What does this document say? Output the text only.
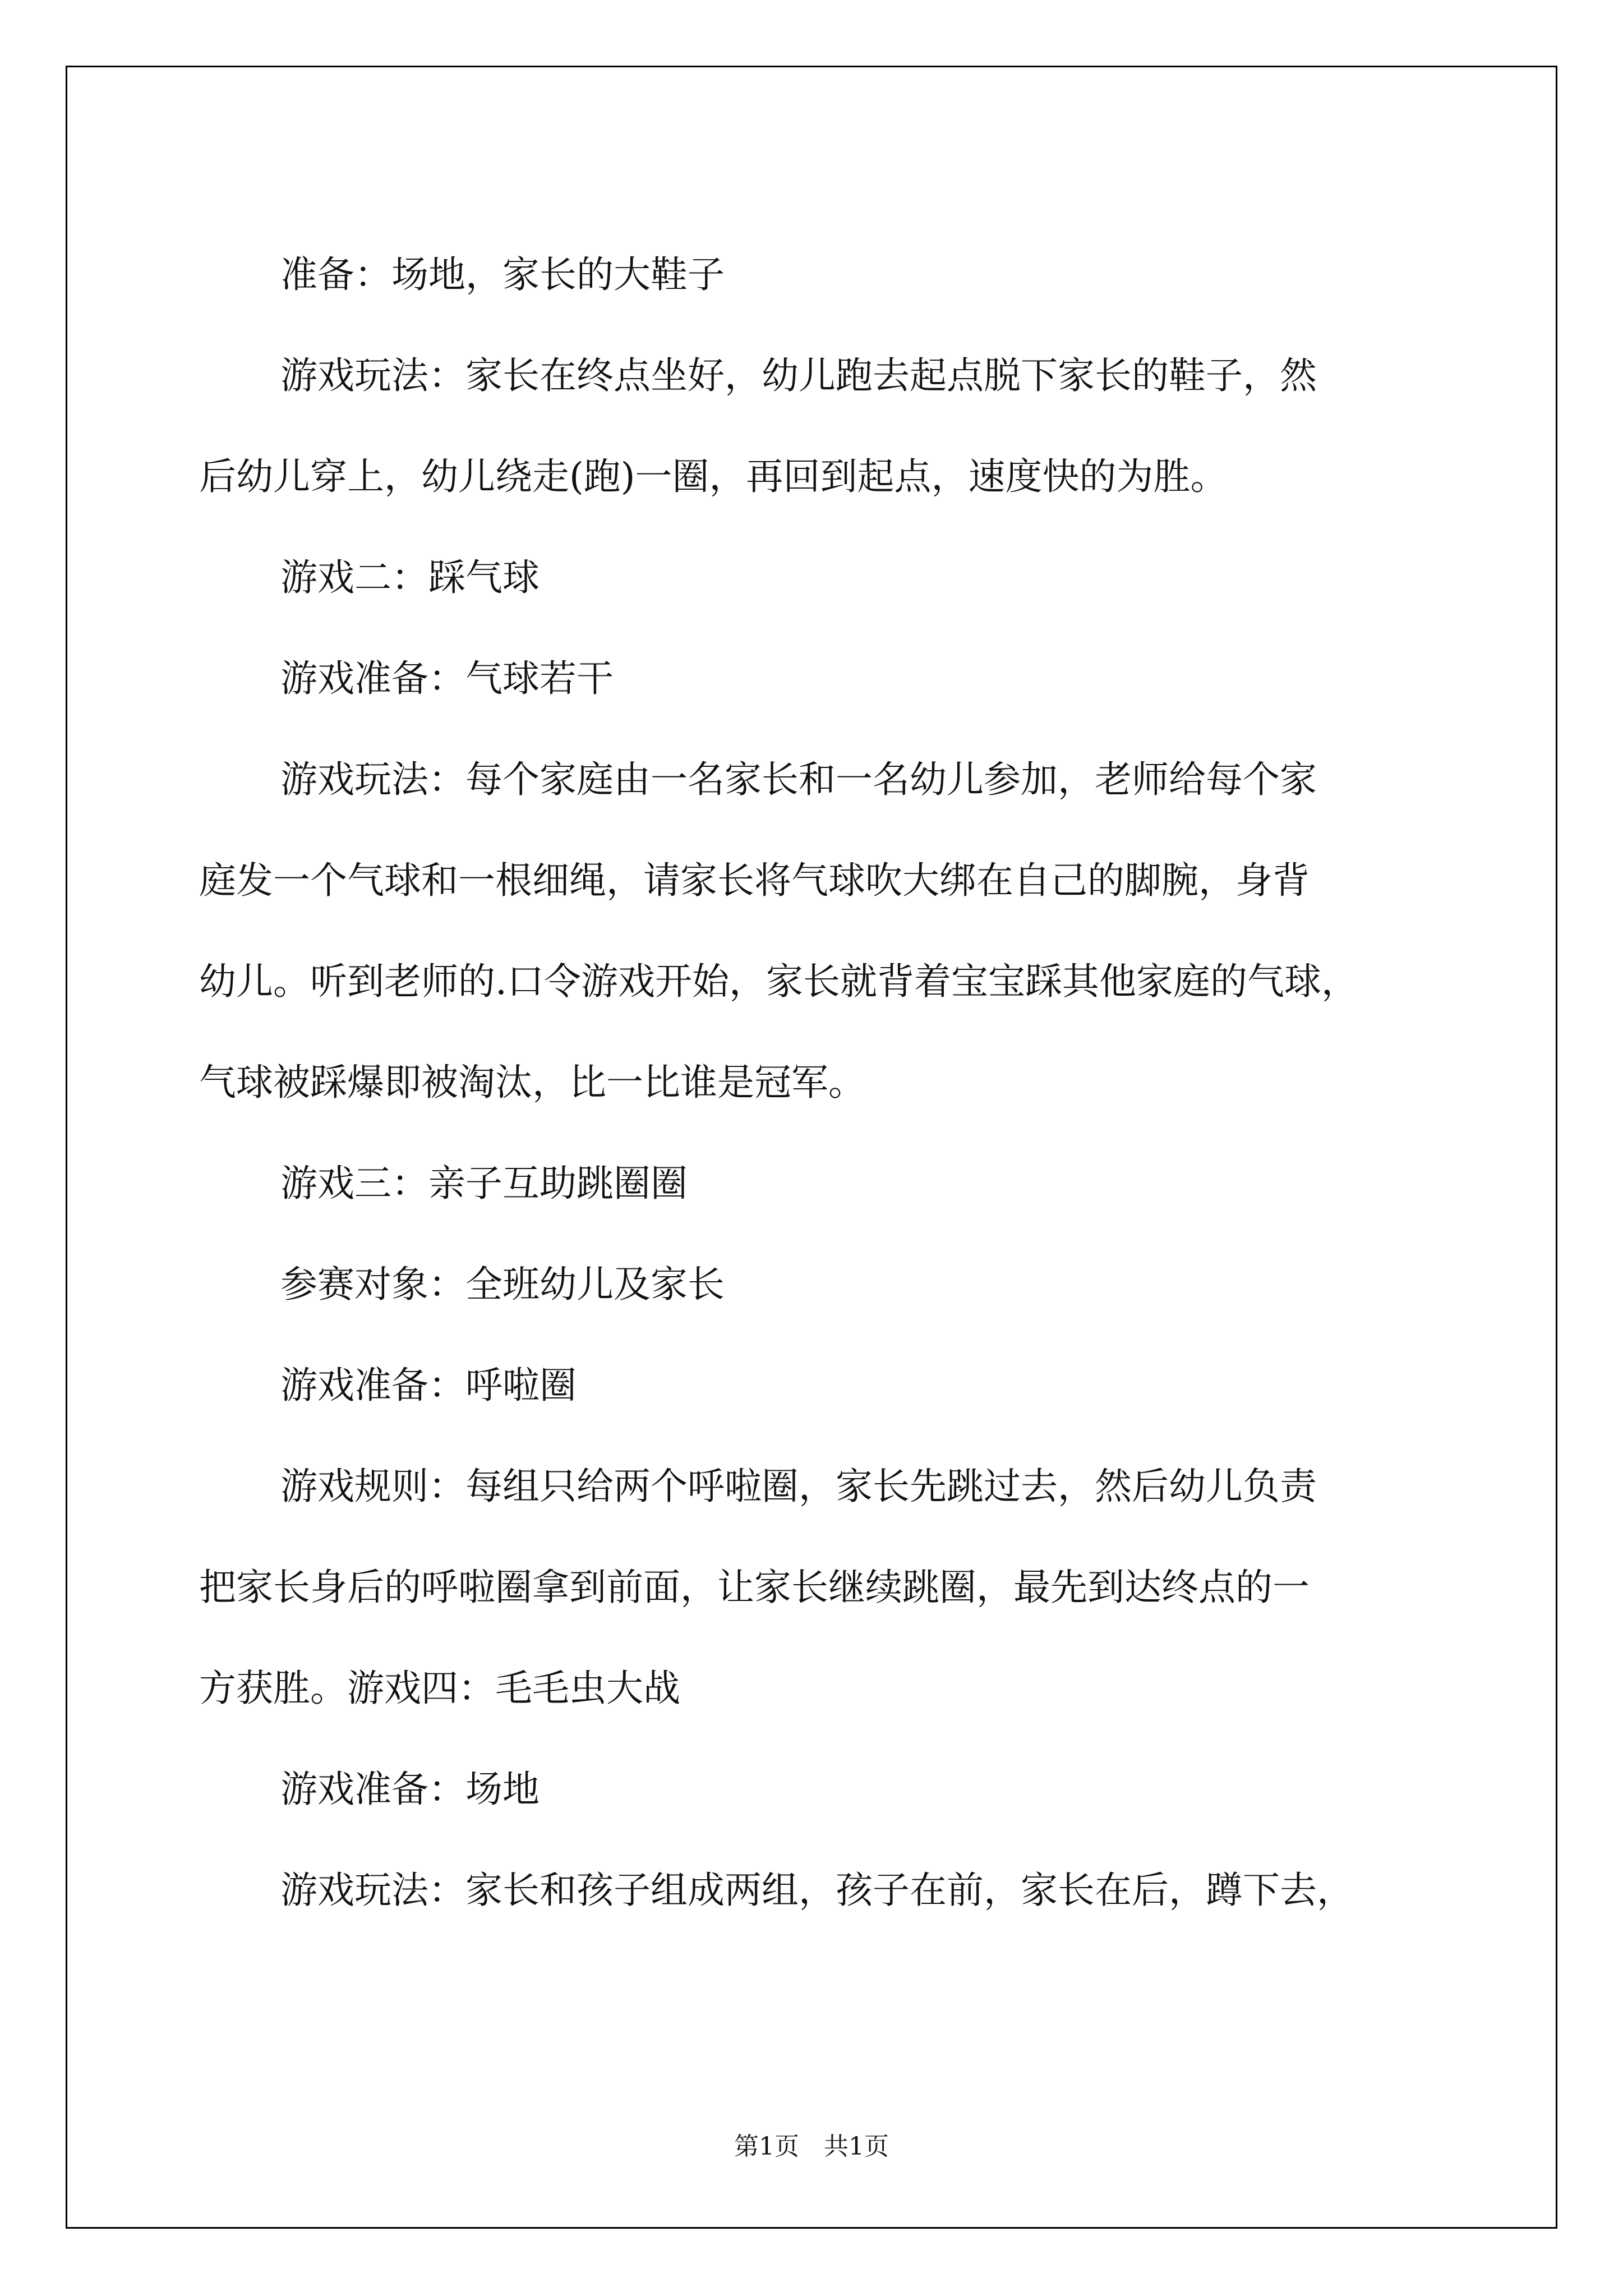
准备：场地，家长的大鞋子

游戏玩法：家长在终点坐好，幼儿跑去起点脱下家长的鞋子，然
后幼儿穿上，幼儿绕走(跑)一圈，再回到起点，速度快的为胜。

游戏二：踩气球

游戏准备：气球若干

游戏玩法：每个家庭由一名家长和一名幼儿参加，老师给每个家
庭发一个气球和一根细绳，请家长将气球吹大绑在自己的脚腕，身背
幼儿。听到老师的.口令游戏开始，家长就背着宝宝踩其他家庭的气球，
气球被踩爆即被淘汰，比一比谁是冠军。

游戏三：亲子互助跳圈圈

参赛对象：全班幼儿及家长

游戏准备：呼啦圈

游戏规则：每组只给两个呼啦圈，家长先跳过去，然后幼儿负责
把家长身后的呼啦圈拿到前面，让家长继续跳圈，最先到达终点的一
方获胜。游戏四：毛毛虫大战

游戏准备：场地

游戏玩法：家长和孩子组成两组，孩子在前，家长在后，蹲下去，

第1页　共1页
